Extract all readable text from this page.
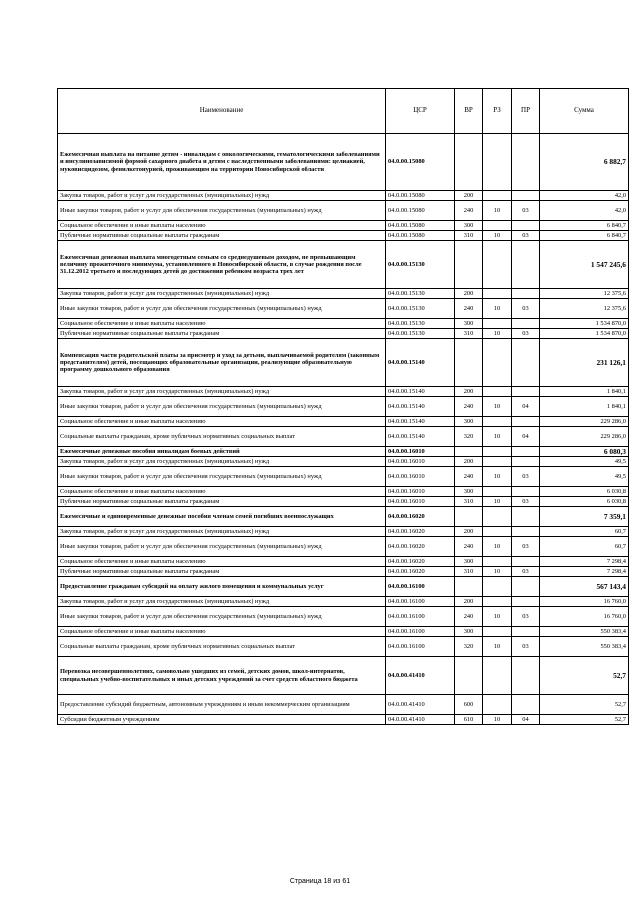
Наименование	ЦСР	ВР	РЗ	ПР	Сумма
Ежемесячная выплата на питание детям - инвалидам с онкологическими, гематологическими заболеваниями и инсулинозависимой формой сахарного диабета и детям с наследственными заболеваниями: целиакией, муковисцидозом, фенилкетонурией, проживающим на территории Новосибирской области	04.0.00.15080				6 882,7
Закупка товаров, работ и услуг для государственных (муниципальных) нужд	04.0.00.15080	200			42,0
Иные закупки товаров, работ и услуг для обеспечения государственных (муниципальных) нужд	04.0.00.15080	240	10	03	42,0
Социальное обеспечение и иные выплаты населению	04.0.00.15080	300			6 840,7
Публичные нормативные социальные выплаты гражданам	04.0.00.15080	310	10	03	6 840,7
Ежемесячная денежная выплата многодетным семьям со среднедушевым доходом, не превышающим величину прожиточного минимума, установленного в Новосибирской области, в случае рождения после 31.12.2012 третьего и последующих детей до достижения ребенком возраста трех лет	04.0.00.15130				1 547 245,6
Закупка товаров, работ и услуг для государственных (муниципальных) нужд	04.0.00.15130	200			12 375,6
Иные закупки товаров, работ и услуг для обеспечения государственных (муниципальных) нужд	04.0.00.15130	240	10	03	12 375,6
Социальное обеспечение и иные выплаты населению	04.0.00.15130	300			1 534 870,0
Публичные нормативные социальные выплаты гражданам	04.0.00.15130	310	10	03	1 534 870,0
Компенсация части родительской платы за присмотр и уход за детьми, выплачиваемой родителям (законным представителям) детей, посещающих образовательные организации, реализующие образовательную программу дошкольного образования	04.0.00.15140				231 126,1
Закупка товаров, работ и услуг для государственных (муниципальных) нужд	04.0.00.15140	200			1 840,1
Иные закупки товаров, работ и услуг для обеспечения государственных (муниципальных) нужд	04.0.00.15140	240	10	04	1 840,1
Социальное обеспечение и иные выплаты населению	04.0.00.15140	300			229 286,0
Социальные выплаты гражданам, кроме публичных нормативных социальных выплат	04.0.00.15140	320	10	04	229 286,0
Ежемесячные денежные пособия инвалидам боевых действий	04.0.00.16010				6 080,3
Закупка товаров, работ и услуг для государственных (муниципальных) нужд	04.0.00.16010	200			49,5
Иные закупки товаров, работ и услуг для обеспечения государственных (муниципальных) нужд	04.0.00.16010	240	10	03	49,5
Социальное обеспечение и иные выплаты населению	04.0.00.16010	300			6 030,8
Публичные нормативные социальные выплаты гражданам	04.0.00.16010	310	10	03	6 030,8
Ежемесячные и единовременные денежные пособия членам семей погибших военнослужащих	04.0.00.16020				7 359,1
Закупка товаров, работ и услуг для государственных (муниципальных) нужд	04.0.00.16020	200			60,7
Иные закупки товаров, работ и услуг для обеспечения государственных (муниципальных) нужд	04.0.00.16020	240	10	03	60,7
Социальное обеспечение и иные выплаты населению	04.0.00.16020	300			7 298,4
Публичные нормативные социальные выплаты гражданам	04.0.00.16020	310	10	03	7 298,4
Предоставление гражданам субсидий на оплату жилого помещения и коммунальных услуг	04.0.00.16100				567 143,4
Закупка товаров, работ и услуг для государственных (муниципальных) нужд	04.0.00.16100	200			16 760,0
Иные закупки товаров, работ и услуг для обеспечения государственных (муниципальных) нужд	04.0.00.16100	240	10	03	16 760,0
Социальное обеспечение и иные выплаты населению	04.0.00.16100	300			550 383,4
Социальные выплаты гражданам, кроме публичных нормативных социальных выплат	04.0.00.16100	320	10	03	550 383,4
Перевозка несовершеннолетних, самовольно ушедших из семей, детских домов, школ-интернатов, специальных учебно-воспитательных и иных детских учреждений за счет средств областного бюджета	04.0.00.41410				52,7
Предоставление субсидий бюджетным, автономным учреждениям и иным некоммерческим организациям	04.0.00.41410	600			52,7
Субсидии бюджетным учреждениям	04.0.00.41410	610	10	04	52,7
Страница 18 из 61
